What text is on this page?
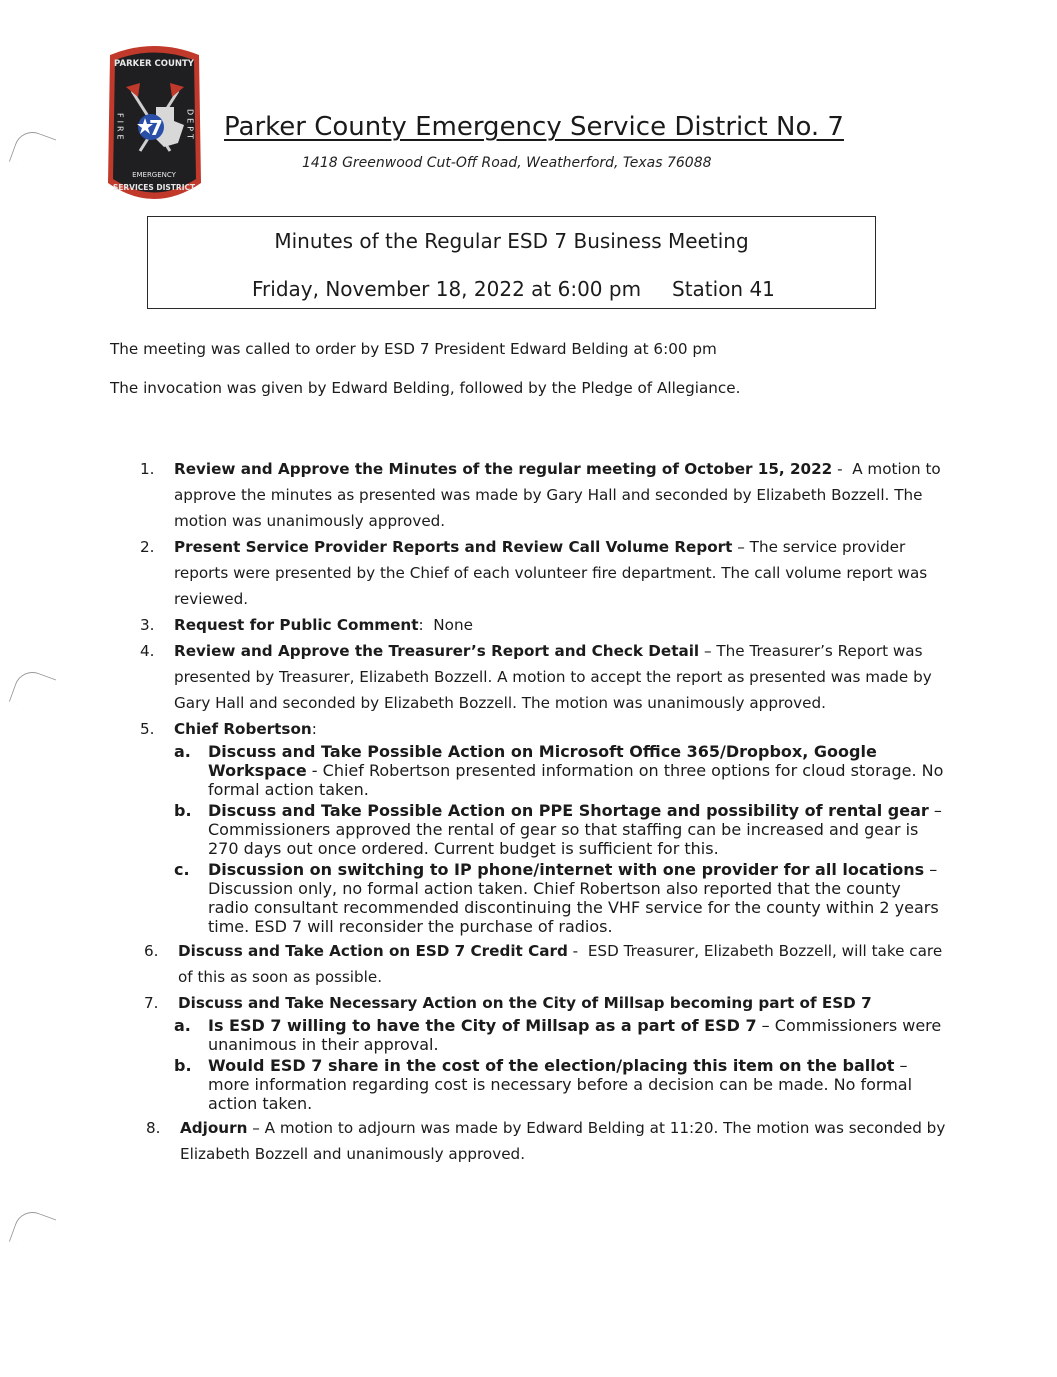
PARKER COUNTY
7
FIRE	DEPT
EMERGENCY
SERVICES DISTRICT
Parker County Emergency Service District No. 7

1418 Greenwood Cut-Off Road, Weatherford, Texas 76088

Minutes of the Regular ESD 7 Business Meeting

Friday, November 18, 2022 at 6:00 pm Station 41

The meeting was called to order by ESD 7 President Edward Belding at 6:00 pm

The invocation was given by Edward Belding, followed by the Pledge of Allegiance.

1. Review and Approve the Minutes of the regular meeting of October 15, 2022 -  A motion to approve the minutes as presented was made by Gary Hall and seconded by Elizabeth Bozzell. The motion was unanimously approved.
2. Present Service Provider Reports and Review Call Volume Report – The service provider reports were presented by the Chief of each volunteer fire department. The call volume report was reviewed.
3. Request for Public Comment:  None
4. Review and Approve the Treasurer’s Report and Check Detail – The Treasurer’s Report was presented by Treasurer, Elizabeth Bozzell. A motion to accept the report as presented was made by Gary Hall and seconded by Elizabeth Bozzell. The motion was unanimously approved.
5. Chief Robertson:
a. Discuss and Take Possible Action on Microsoft Office 365/Dropbox, Google Workspace - Chief Robertson presented information on three options for cloud storage. No formal action taken.
b. Discuss and Take Possible Action on PPE Shortage and possibility of rental gear – Commissioners approved the rental of gear so that staffing can be increased and gear is 270 days out once ordered. Current budget is sufficient for this.
c. Discussion on switching to IP phone/internet with one provider for all locations – Discussion only, no formal action taken. Chief Robertson also reported that the county radio consultant recommended discontinuing the VHF service for the county within 2 years time. ESD 7 will reconsider the purchase of radios.
6. Discuss and Take Action on ESD 7 Credit Card -  ESD Treasurer, Elizabeth Bozzell, will take care of this as soon as possible.
7. Discuss and Take Necessary Action on the City of Millsap becoming part of ESD 7
a. Is ESD 7 willing to have the City of Millsap as a part of ESD 7 – Commissioners were unanimous in their approval.
b. Would ESD 7 share in the cost of the election/placing this item on the ballot – more information regarding cost is necessary before a decision can be made. No formal action taken.
8. Adjourn – A motion to adjourn was made by Edward Belding at 11:20. The motion was seconded by Elizabeth Bozzell and unanimously approved.
